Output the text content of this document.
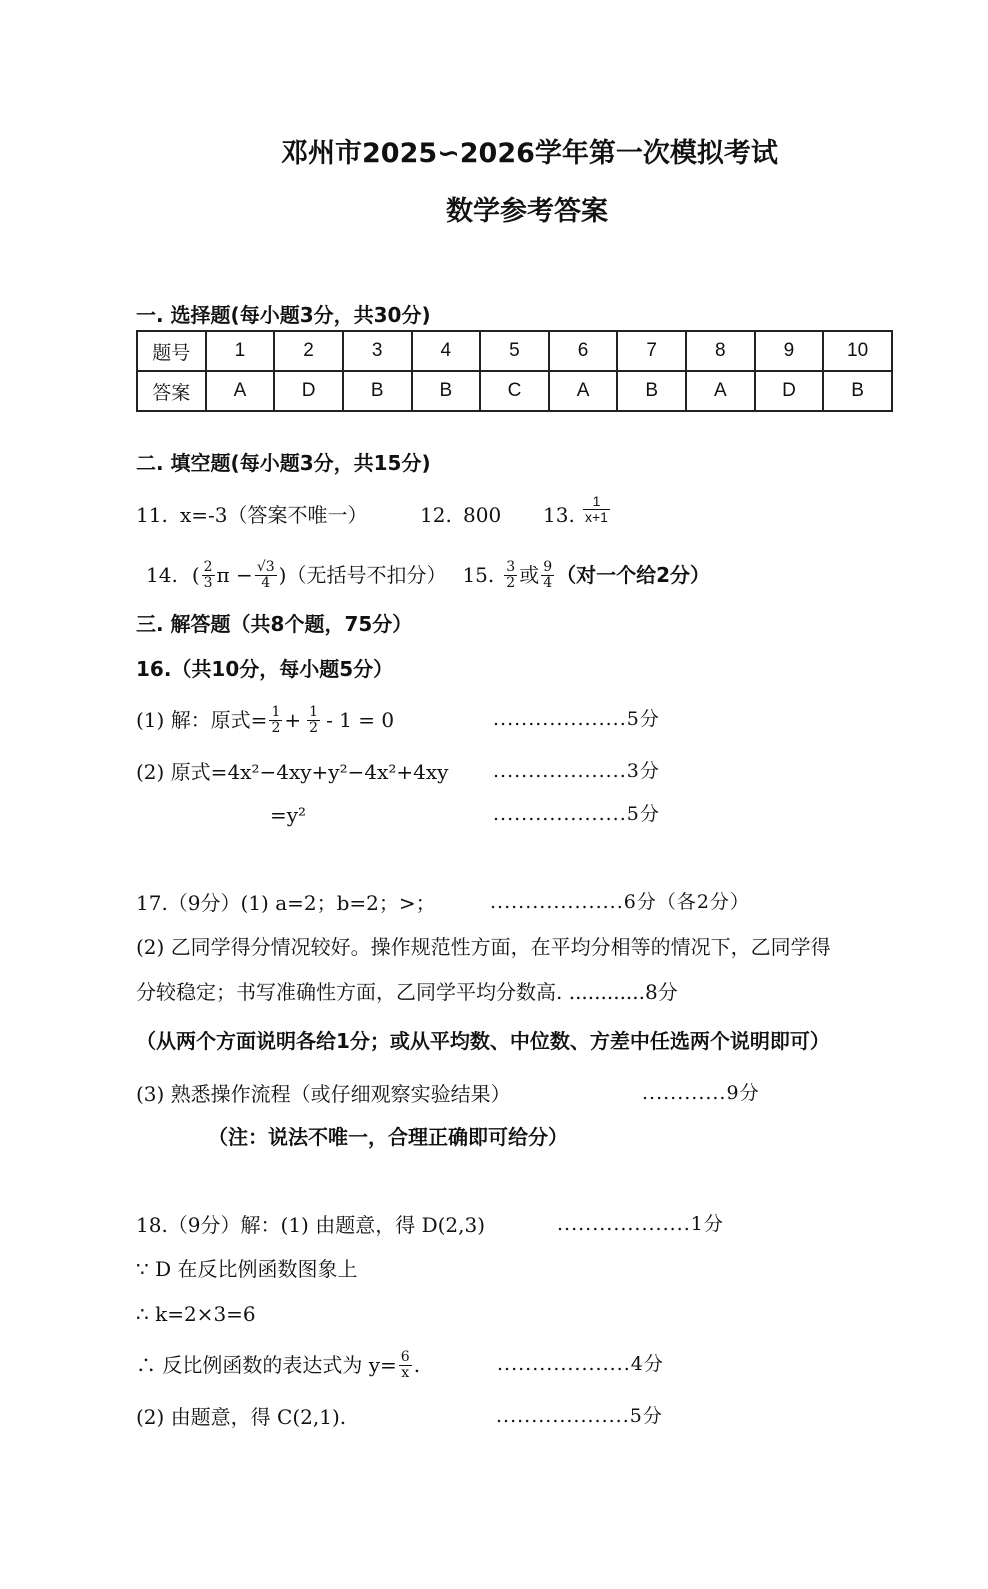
邓州市2025∽2026学年第一次模拟考试
数学参考答案
一. 选择题(每小题3分，共30分)
题号	1	2	3	4	5	6	7	8	9	10
答案	A	D	B	B	C	A	B	A	D	B
二. 填空题(每小题3分，共15分)
11. x=-3（答案不唯一）	12. 800 13. $\frac{1}{x+1}$
14. ( $\frac{2}{3}$ $\pi - \frac{√3}{4}$ )（无括号不扣分） 15. $\frac{3}{2}$ 或 $\frac{9}{4}$ （对一个给2分）
三. 解答题（共8个题，75分）
16.（共10分，每小题5分）
(1) 解：原式= $\frac{1}{2} + \frac{1}{2} - 1 = 0$	...................5分
(2) 原式=4x²−4xy+y²−4x²+4xy ...................3分
=y²	...................5分
17.（9分）(1) a=2；b=2；>；	...................6分（各2分）
(2) 乙同学得分情况较好。操作规范性方面，在平均分相等的情况下，乙同学得
分较稳定；书写准确性方面，乙同学平均分数高. ............8分
（从两个方面说明各给1分；或从平均数、中位数、方差中任选两个说明即可）
(3) 熟悉操作流程（或仔细观察实验结果）	............9分
（注：说法不唯一，合理正确即可给分）
18.（9分）解：(1) 由题意，得 D(2,3)	...................1分
∵ D 在反比例函数图象上
∴ k=2×3=6
∴ 反比例函数的表达式为 $y= \frac{6}{x}$ .	...................4分
(2) 由题意，得 C(2,1).	...................5分
